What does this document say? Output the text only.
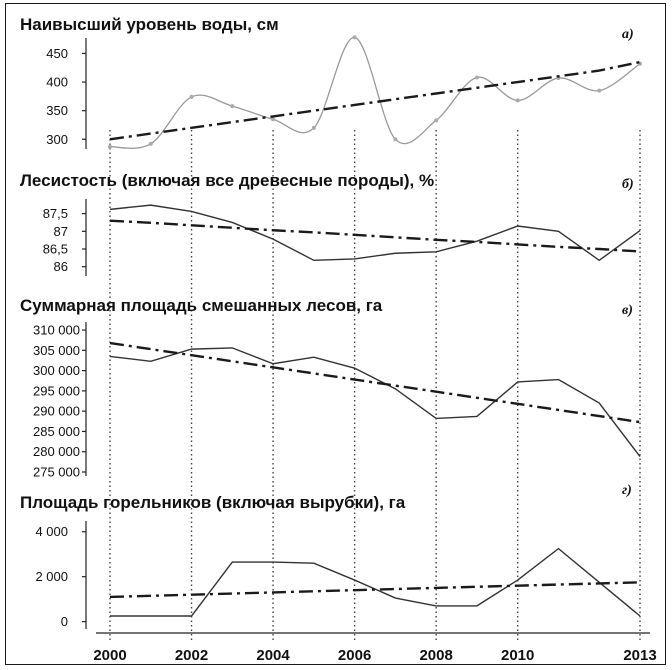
Наивысший уровень воды, см
а)
300
350
400
450
Лесистость (включая все древесные породы), %	б)
86
86,5
87
87,5
Суммарная площадь смешанных лесов, га	в)
275 000
280 000
285 000
290 000
295 000
300 000
305 000
310 000
Площадь горельников (включая вырубки), га
г)
0
2 000
4 000
2000	2002	2004	2006	2008	2010	2013
